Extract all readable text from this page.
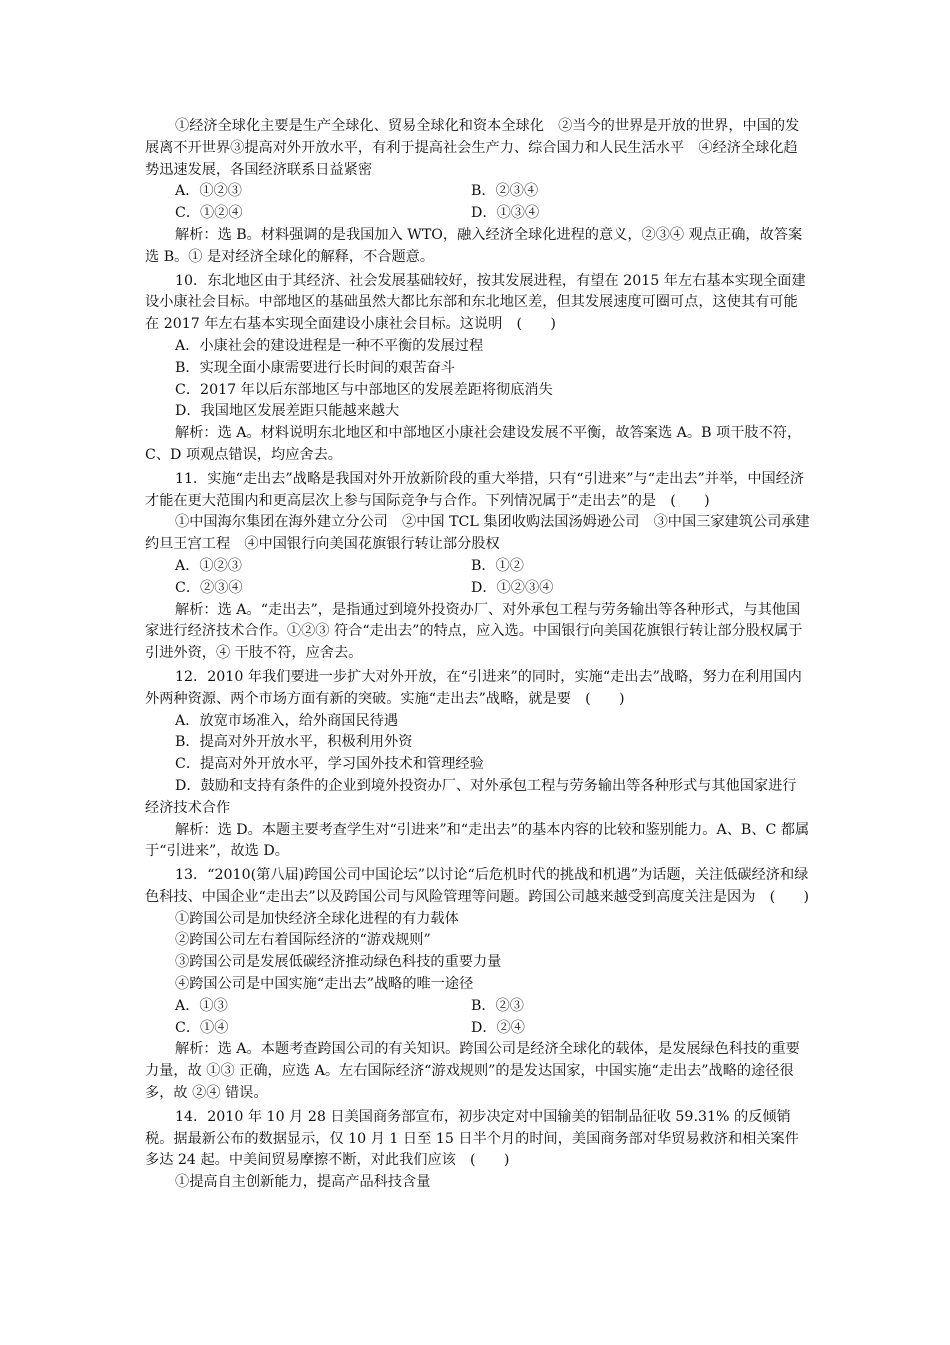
①经济全球化主要是生产全球化、贸易全球化和资本全球化　②当今的世界是开放的世界，中国的发展离不开世界③提高对外开放水平，有利于提高社会生产力、综合国力和人民生活水平　④经济全球化趋势迅速发展，各国经济联系日益紧密

A．①②③	B．②③④
C．①②④	D．①③④

解析：选 B。材料强调的是我国加入 WTO，融入经济全球化进程的意义，②③④ 观点正确，故答案选 B。① 是对经济全球化的解释，不合题意。

10．东北地区由于其经济、社会发展基础较好，按其发展进程，有望在 2015 年左右基本实现全面建设小康社会目标。中部地区的基础虽然大都比东部和东北地区差，但其发展速度可圈可点，这使其有可能在 2017 年左右基本实现全面建设小康社会目标。这说明　(　　)

A．小康社会的建设进程是一种不平衡的发展过程

B．实现全面小康需要进行长时间的艰苦奋斗

C．2017 年以后东部地区与中部地区的发展差距将彻底消失

D．我国地区发展差距只能越来越大

解析：选 A。材料说明东北地区和中部地区小康社会建设发展不平衡，故答案选 A。B 项干肢不符，C、D 项观点错误，均应舍去。

11．实施“走出去”战略是我国对外开放新阶段的重大举措，只有“引进来”与“走出去”并举，中国经济才能在更大范围内和更高层次上参与国际竞争与合作。下列情况属于“走出去”的是　(　　)

①中国海尔集团在海外建立分公司　②中国 TCL 集团收购法国汤姆逊公司　③中国三家建筑公司承建约旦王宫工程　④中国银行向美国花旗银行转让部分股权

A．①②③	B．①②
C．②③④	D．①②③④

解析：选 A。“走出去”，是指通过到境外投资办厂、对外承包工程与劳务输出等各种形式，与其他国家进行经济技术合作。①②③ 符合“走出去”的特点，应入选。中国银行向美国花旗银行转让部分股权属于引进外资，④ 干肢不符，应舍去。

12．2010 年我们要进一步扩大对外开放，在“引进来”的同时，实施“走出去”战略，努力在利用国内外两种资源、两个市场方面有新的突破。实施“走出去”战略，就是要　(　　)

A．放宽市场准入，给外商国民待遇

B．提高对外开放水平，积极利用外资

C．提高对外开放水平，学习国外技术和管理经验

D．鼓励和支持有条件的企业到境外投资办厂、对外承包工程与劳务输出等各种形式与其他国家进行经济技术合作

解析：选 D。本题主要考查学生对“引进来”和“走出去”的基本内容的比较和鉴别能力。A、B、C 都属于“引进来”，故选 D。

13．“2010(第八届)跨国公司中国论坛”以讨论“后危机时代的挑战和机遇”为话题，关注低碳经济和绿色科技、中国企业“走出去”以及跨国公司与风险管理等问题。跨国公司越来越受到高度关注是因为　(　　)

①跨国公司是加快经济全球化进程的有力载体

②跨国公司左右着国际经济的“游戏规则”

③跨国公司是发展低碳经济推动绿色科技的重要力量

④跨国公司是中国实施“走出去”战略的唯一途径

A．①③	B．②③
C．①④	D．②④

解析：选 A。本题考查跨国公司的有关知识。跨国公司是经济全球化的载体，是发展绿色科技的重要力量，故 ①③ 正确，应选 A。左右国际经济“游戏规则”的是发达国家，中国实施“走出去”战略的途径很多，故 ②④ 错误。

14．2010 年 10 月 28 日美国商务部宣布，初步决定对中国输美的铝制品征收 59.31% 的反倾销税。据最新公布的数据显示，仅 10 月 1 日至 15 日半个月的时间，美国商务部对华贸易救济和相关案件多达 24 起。中美间贸易摩擦不断，对此我们应该　(　　)

①提高自主创新能力，提高产品科技含量
